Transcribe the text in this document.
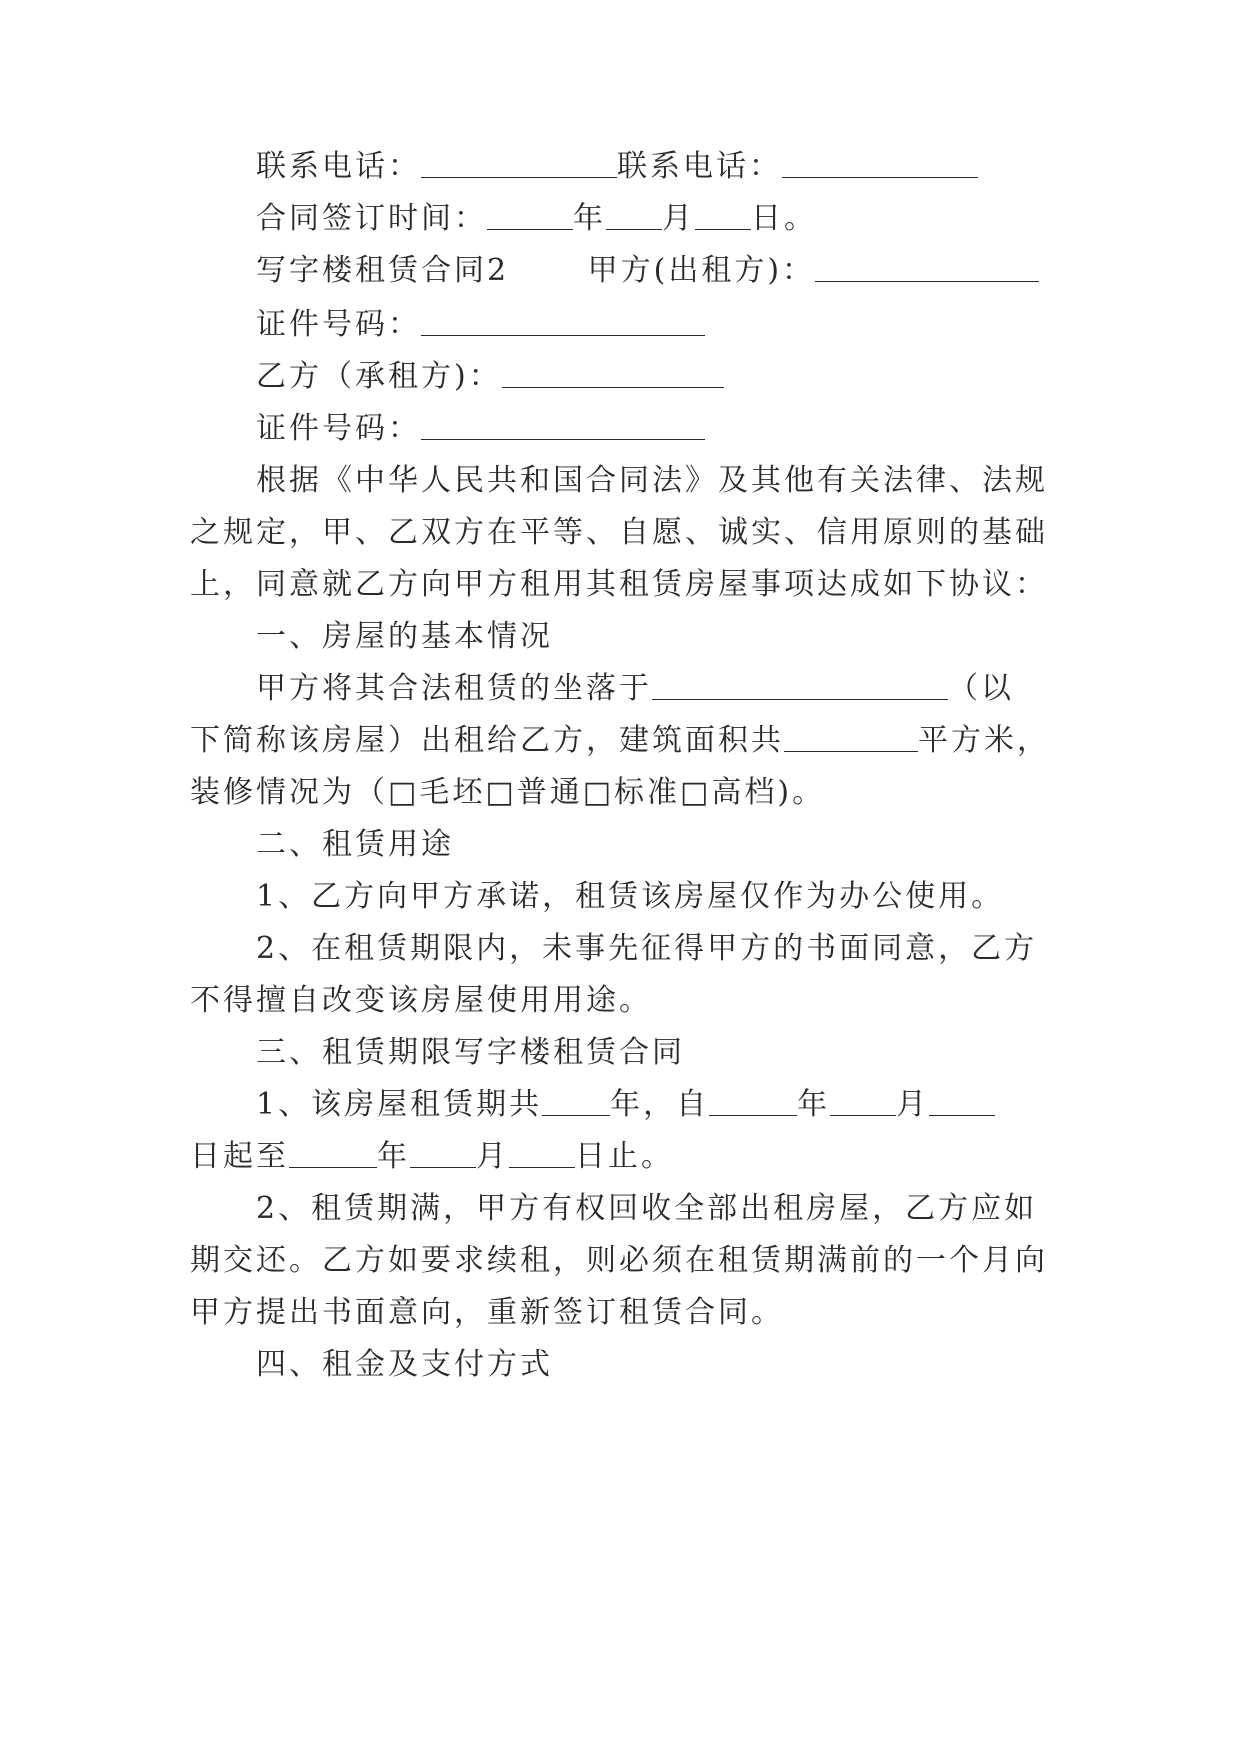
联系电话：	联系电话：
合同签订时间：	年 月 日。
写字楼租赁合同2 　　甲方(出租方)：
证件号码：
乙方（承租方)：
证件号码：
根据《中华人民共和国合同法》及其他有关法律、法规
之规定，甲、乙双方在平等、自愿、诚实、信用原则的基础
上，同意就乙方向甲方租用其租赁房屋事项达成如下协议：
一、房屋的基本情况
甲方将其合法租赁的坐落于	（以
下简称该房屋）出租给乙方，建筑面积共	平方米，
装修情况为（□毛坯□普通□标准□高档)。
二、租赁用途
1、乙方向甲方承诺，租赁该房屋仅作为办公使用。
2、在租赁期限内，未事先征得甲方的书面同意，乙方
不得擅自改变该房屋使用用途。
三、租赁期限写字楼租赁合同
1、该房屋租赁期共 年，自	年 月
日起至	年 月 日止。
2、租赁期满，甲方有权回收全部出租房屋，乙方应如
期交还。乙方如要求续租，则必须在租赁期满前的一个月向
甲方提出书面意向，重新签订租赁合同。
四、租金及支付方式
